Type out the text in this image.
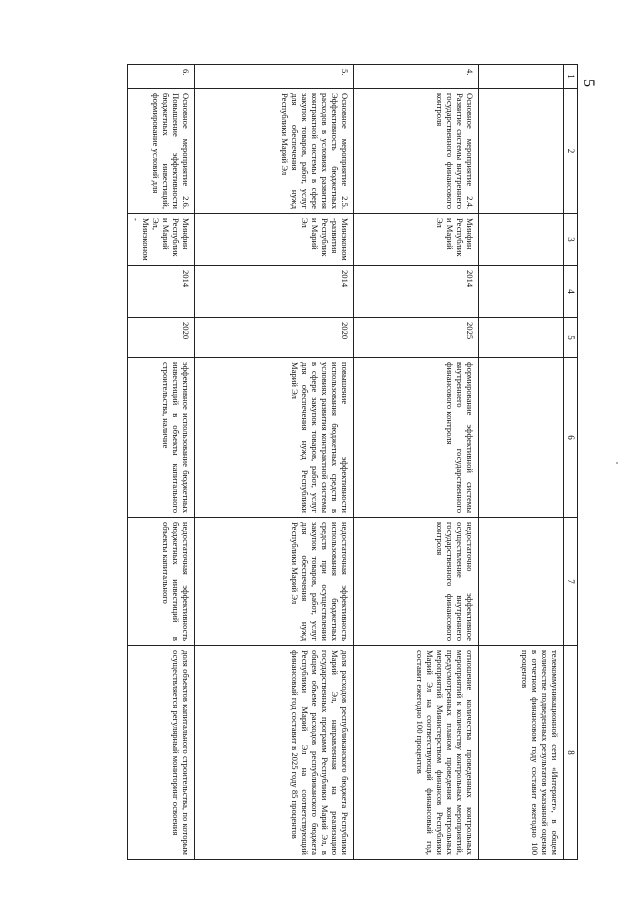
5
1	2	3	4	5	6	7	8
							телекоммуникационной сети «Интернет», в общем количестве подведенных результатов указанной оценки в отчетном финансовом году составит ежегодно 100 процентов
4.	Основное мероприятие 2.4. Развитие системы внутреннего государственного финансового контроля	Минфин Республики Марий Эл	2014	2025	формирование эффективной системы внутреннего государственного финансового контроля	недостаточно эффективное осуществление внутреннего государственного финансового контроля	отношение количества проведенных контрольных мероприятий к количеству контрольных мероприятий, предусмотренных планом проведения контрольных мероприятий Министерством финансов Республики Марий Эл на соответствующий финансовый год, составит ежегодно 100 процентов
5.	Основное мероприятие 2.5. Эффективность бюджетных расходов в условиях развития контрактной системы в сфере закупок товаров, работ, услуг для обеспечения нужд Республики Марий Эл	Минэконом-развития Республики Марий Эл	2014	2020	повышение эффективности использования бюджетных средств в условиях развития контрактной системы в сфере закупок товаров, работ, услуг для обеспечения нужд Республики Марий Эл	недостаточная эффективность использования бюджетных средств при осуществлении закупок товаров, работ, услуг для обеспечения нужд Республики Марий Эл	доля расходов республиканского бюджета Республики Марий Эл, направленная на реализацию государственных программ Республики Марий Эл, в общем объеме расходов республиканского бюджета Республики Марий Эл на соответствующий финансовый год составит в 2025 году 85 процентов
6.	Основное мероприятие 2.6. Повышение эффективности бюджетных инвестиций, формирование условий для	Минфин Республики Марий Эл, Минэконом-	2014	2020	эффективное использование бюджетных инвестиций в объекты капитального строительства, наличие	недостаточная эффективность бюджетных инвестиций в объекты капитального	доля объектов капитального строительства, по которым осуществляется регулярный мониторинг освоения
